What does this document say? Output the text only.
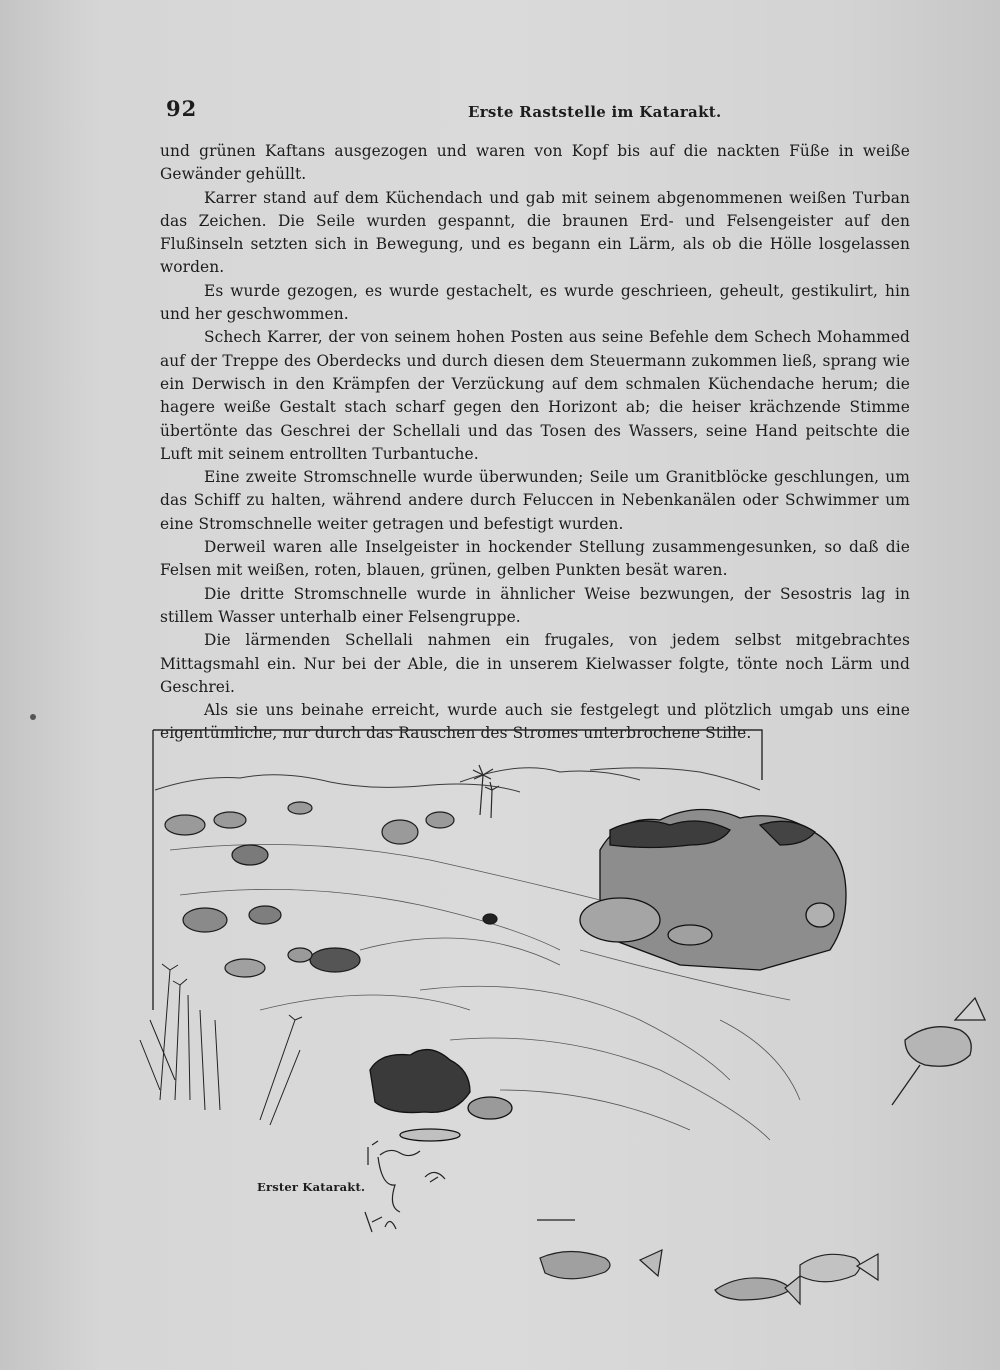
92	Erste Raststelle im Katarakt.

und grünen Kaftans ausgezogen und waren von Kopf bis auf die nackten Füße in weiße Gewänder gehüllt.

Karrer stand auf dem Küchendach und gab mit seinem abgenommenen weißen Turban das Zeichen. Die Seile wurden gespannt, die braunen Erd- und Felsengeister auf den Flußinseln setzten sich in Bewegung, und es begann ein Lärm, als ob die Hölle losgelassen worden.

Es wurde gezogen, es wurde gestachelt, es wurde geschrieen, geheult, gestikulirt, hin und her geschwommen.

Schech Karrer, der von seinem hohen Posten aus seine Befehle dem Schech Mohammed auf der Treppe des Oberdecks und durch diesen dem Steuermann zukommen ließ, sprang wie ein Derwisch in den Krämpfen der Verzückung auf dem schmalen Küchendache herum; die hagere weiße Gestalt stach scharf gegen den Horizont ab; die heiser krächzende Stimme übertönte das Geschrei der Schellali und das Tosen des Wassers, seine Hand peitschte die Luft mit seinem entrollten Turbantuche.

Eine zweite Stromschnelle wurde überwunden; Seile um Granitblöcke geschlungen, um das Schiff zu halten, während andere durch Feluccen in Nebenkanälen oder Schwimmer um eine Stromschnelle weiter getragen und befestigt wurden.

Derweil waren alle Inselgeister in hockender Stellung zusammengesunken, so daß die Felsen mit weißen, roten, blauen, grünen, gelben Punkten besät waren.

Die dritte Stromschnelle wurde in ähnlicher Weise bezwungen, der Sesostris lag in stillem Wasser unterhalb einer Felsengruppe.

Die lärmenden Schellali nahmen ein frugales, von jedem selbst mitgebrachtes Mittagsmahl ein. Nur bei der Able, die in unserem Kielwasser folgte, tönte noch Lärm und Geschrei.

Als sie uns beinahe erreicht, wurde auch sie festgelegt und plötzlich umgab uns eine eigentümliche, nur durch das Rauschen des Stromes unterbrochene Stille.

Erster Katarakt.
